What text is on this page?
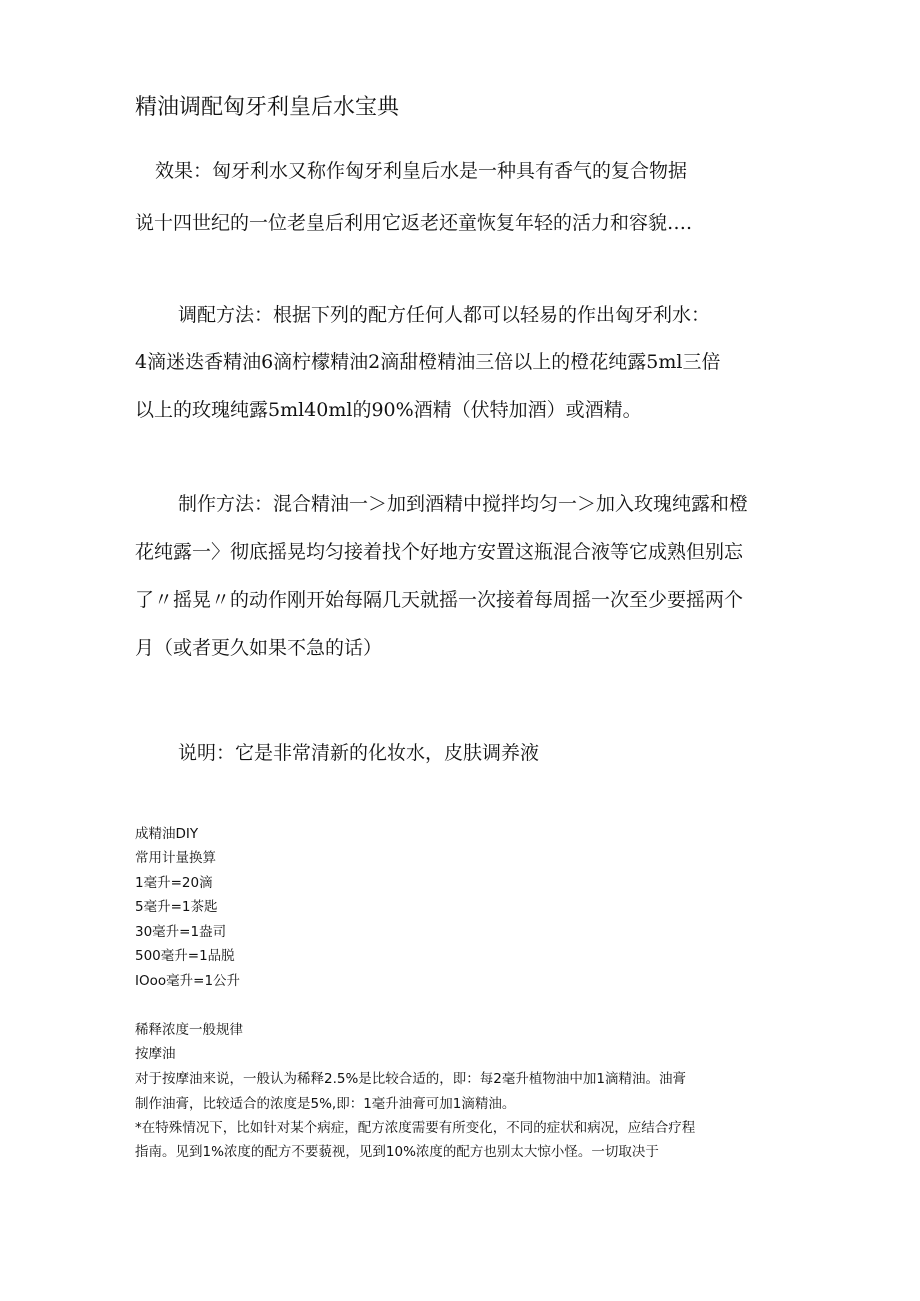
精油调配匈牙利皇后水宝典
效果：匈牙利水又称作匈牙利皇后水是一种具有香气的复合物据
说十四世纪的一位老皇后利用它返老还童恢复年轻的活力和容貌….
调配方法：根据下列的配方任何人都可以轻易的作出匈牙利水：
4滴迷迭香精油6滴柠檬精油2滴甜橙精油三倍以上的橙花纯露5ml三倍
以上的玫瑰纯露5ml40ml的90%酒精（伏特加酒）或酒精。
制作方法：混合精油一＞加到酒精中搅拌均匀一＞加入玫瑰纯露和橙
花纯露一〉彻底摇晃均匀接着找个好地方安置这瓶混合液等它成熟但别忘
了〃摇晃〃的动作刚开始每隔几天就摇一次接着每周摇一次至少要摇两个
月（或者更久如果不急的话）
说明：它是非常清新的化妆水，皮肤调养液
成精油DIY
常用计量换算
1毫升=20滴
5毫升=1茶匙
30毫升=1盎司
500毫升=1品脱
IOoo毫升=1公升
稀释浓度一般规律
按摩油
对于按摩油来说，一般认为稀释2.5%是比较合适的，即：每2毫升植物油中加1滴精油。油膏
制作油膏，比较适合的浓度是5%,即：1毫升油膏可加1滴精油。
*在特殊情况下，比如针对某个病症，配方浓度需要有所变化，不同的症状和病况，应结合疗程
指南。见到1%浓度的配方不要藐视，见到10%浓度的配方也别太大惊小怪。一切取决于
